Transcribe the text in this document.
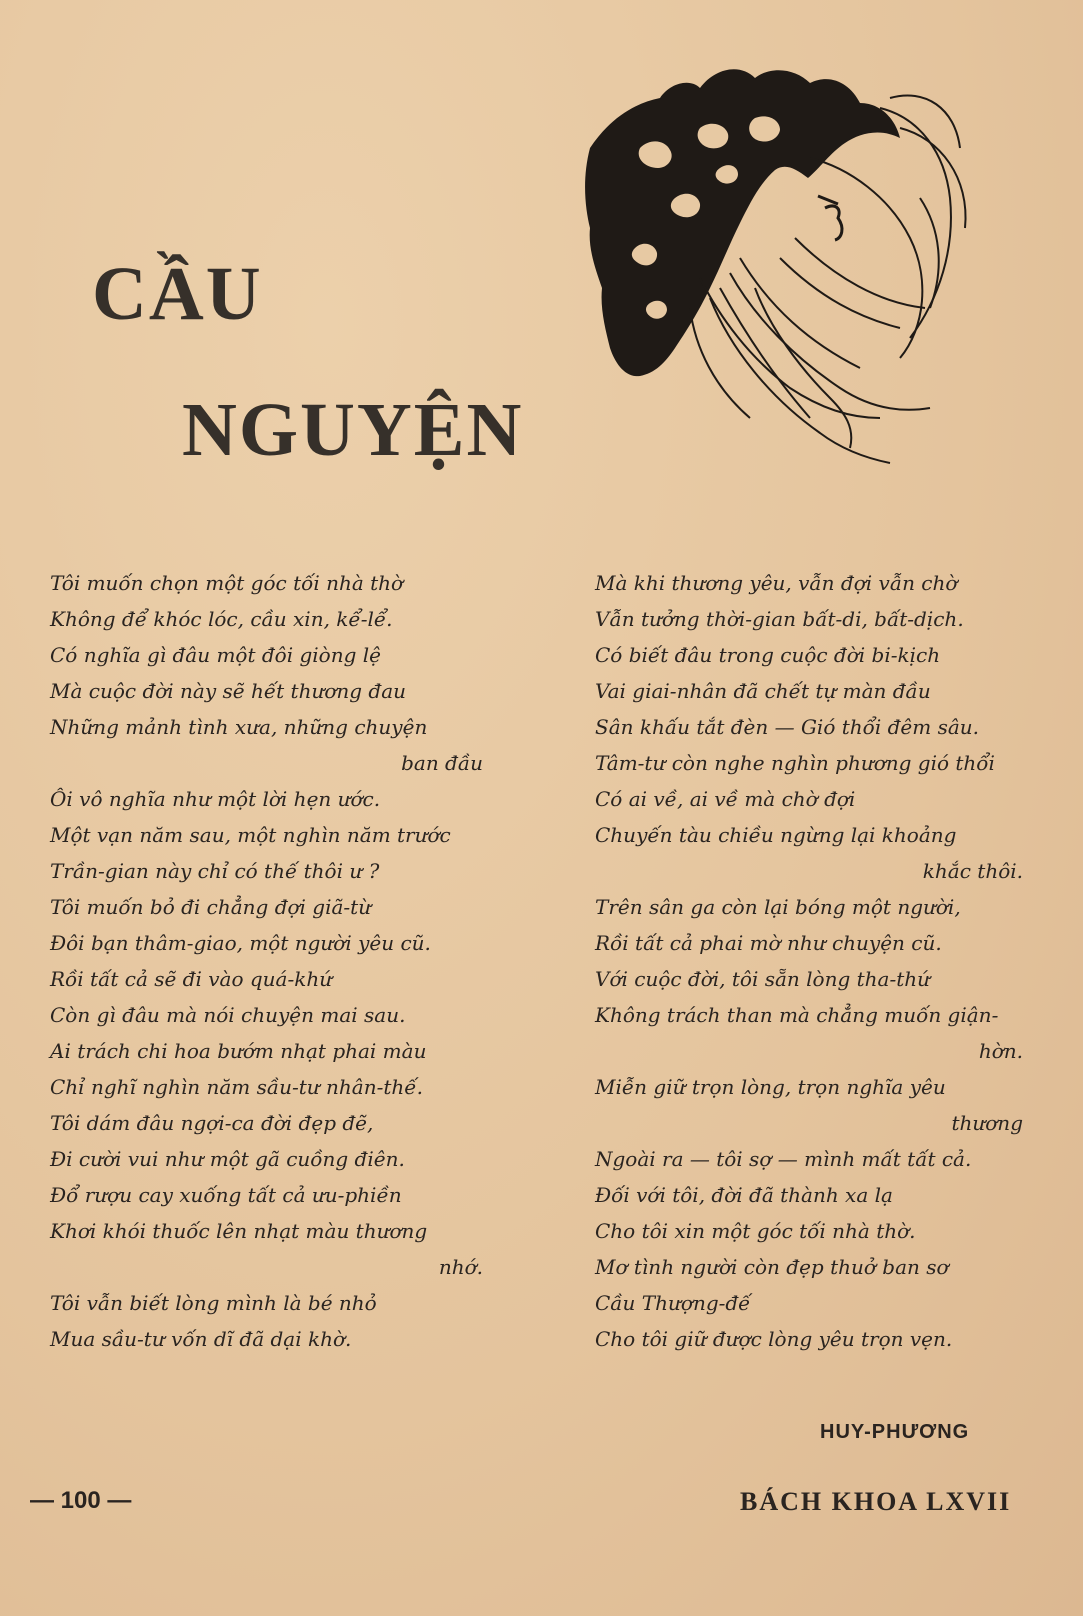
CẦU
NGUYỆN
Tôi muốn chọn một góc tối nhà thờ
Không để khóc lóc, cầu xin, kể-lể.
Có nghĩa gì đâu một đôi giòng lệ
Mà cuộc đời này sẽ hết thương đau
Những mảnh tình xưa, những chuyện
ban đầu
Ôi vô nghĩa như một lời hẹn ước.
Một vạn năm sau, một nghìn năm trước
Trần-gian này chỉ có thế thôi ư ?
Tôi muốn bỏ đi chẳng đợi giã-từ
Đôi bạn thâm-giao, một người yêu cũ.
Rồi tất cả sẽ đi vào quá-khứ
Còn gì đâu mà nói chuyện mai sau.
Ai trách chi hoa bướm nhạt phai màu
Chỉ nghĩ nghìn năm sầu-tư nhân-thế.
Tôi dám đâu ngợi-ca đời đẹp đẽ,
Đi cười vui như một gã cuồng điên.
Đổ rượu cay xuống tất cả ưu-phiền
Khơi khói thuốc lên nhạt màu thương
nhớ.
Tôi vẫn biết lòng mình là bé nhỏ
Mua sầu-tư vốn dĩ đã dại khờ.
Mà khi thương yêu, vẫn đợi vẫn chờ
Vẫn tưởng thời-gian bất-di, bất-dịch.
Có biết đâu trong cuộc đời bi-kịch
Vai giai-nhân đã chết tự màn đầu
Sân khấu tắt đèn — Gió thổi đêm sâu.
Tâm-tư còn nghe nghìn phương gió thổi
Có ai về, ai về mà chờ đợi
Chuyến tàu chiều ngừng lại khoảng
khắc thôi.
Trên sân ga còn lại bóng một người,
Rồi tất cả phai mờ như chuyện cũ.
Với cuộc đời, tôi sẵn lòng tha-thứ
Không trách than mà chẳng muốn giận-
hờn.
Miễn giữ trọn lòng, trọn nghĩa yêu
thương
Ngoài ra — tôi sợ — mình mất tất cả.
Đối với tôi, đời đã thành xa lạ
Cho tôi xin một góc tối nhà thờ.
Mơ tình người còn đẹp thuở ban sơ
Cầu Thượng-đế
Cho tôi giữ được lòng yêu trọn vẹn.
HUY-PHƯƠNG
— 100 —	BÁCH KHOA LXVII
